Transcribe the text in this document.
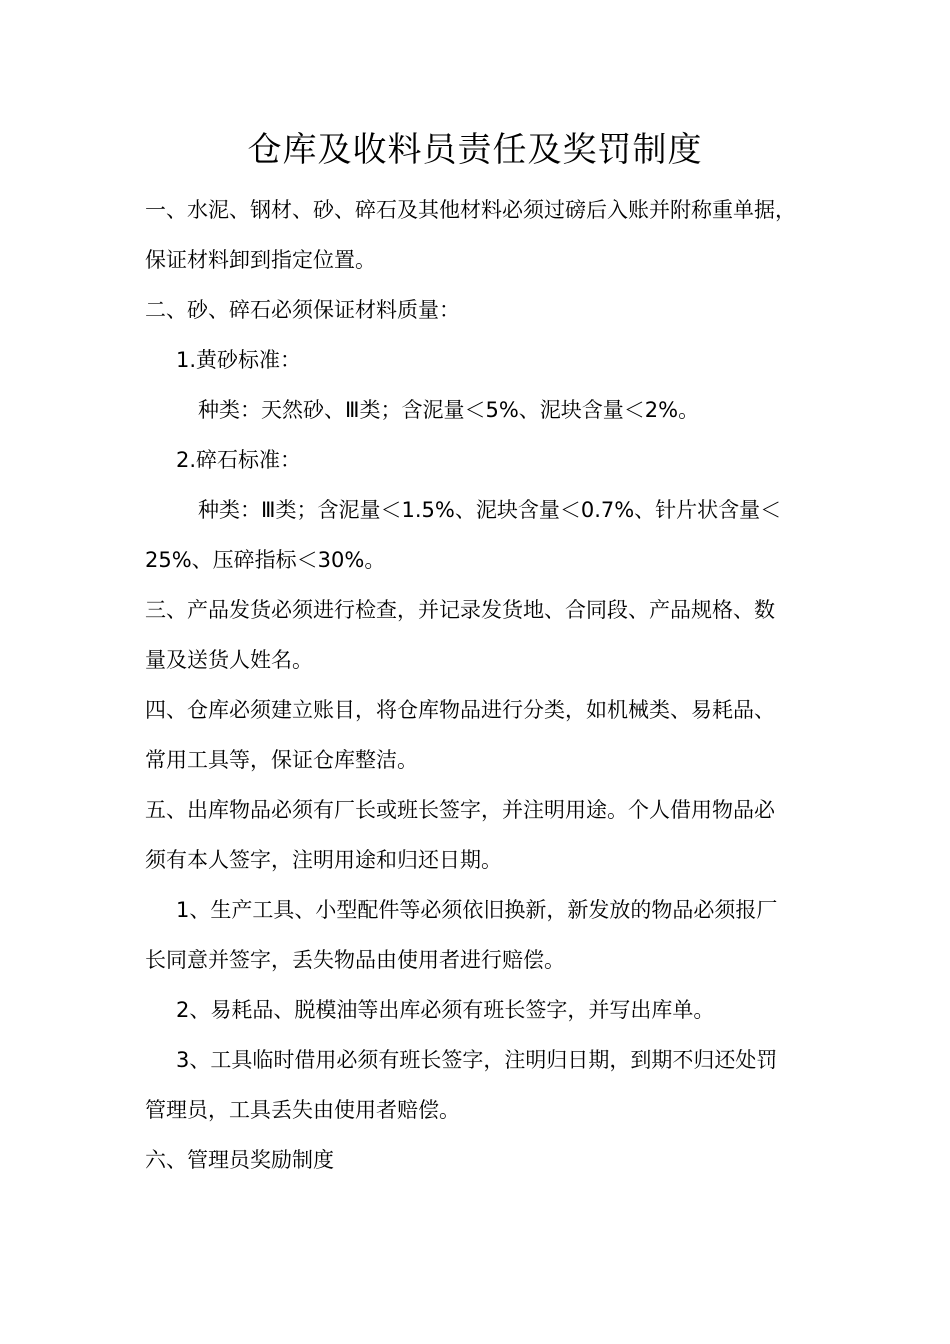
仓库及收料员责任及奖罚制度
一、水泥、钢材、砂、碎石及其他材料必须过磅后入账并附称重单据，
保证材料卸到指定位置。
二、砂、碎石必须保证材料质量：
1.黄砂标准：
种类：天然砂、Ⅲ类；含泥量＜5%、泥块含量＜2%。
2.碎石标准：
种类：Ⅲ类；含泥量＜1.5%、泥块含量＜0.7%、针片状含量＜
25%、压碎指标＜30%。
三、产品发货必须进行检查，并记录发货地、合同段、产品规格、数
量及送货人姓名。
四、仓库必须建立账目，将仓库物品进行分类，如机械类、易耗品、
常用工具等，保证仓库整洁。
五、出库物品必须有厂长或班长签字，并注明用途。个人借用物品必
须有本人签字，注明用途和归还日期。
1、生产工具、小型配件等必须依旧换新，新发放的物品必须报厂
长同意并签字，丢失物品由使用者进行赔偿。
2、易耗品、脱模油等出库必须有班长签字，并写出库单。
3、工具临时借用必须有班长签字，注明归日期，到期不归还处罚
管理员，工具丢失由使用者赔偿。
六、管理员奖励制度
